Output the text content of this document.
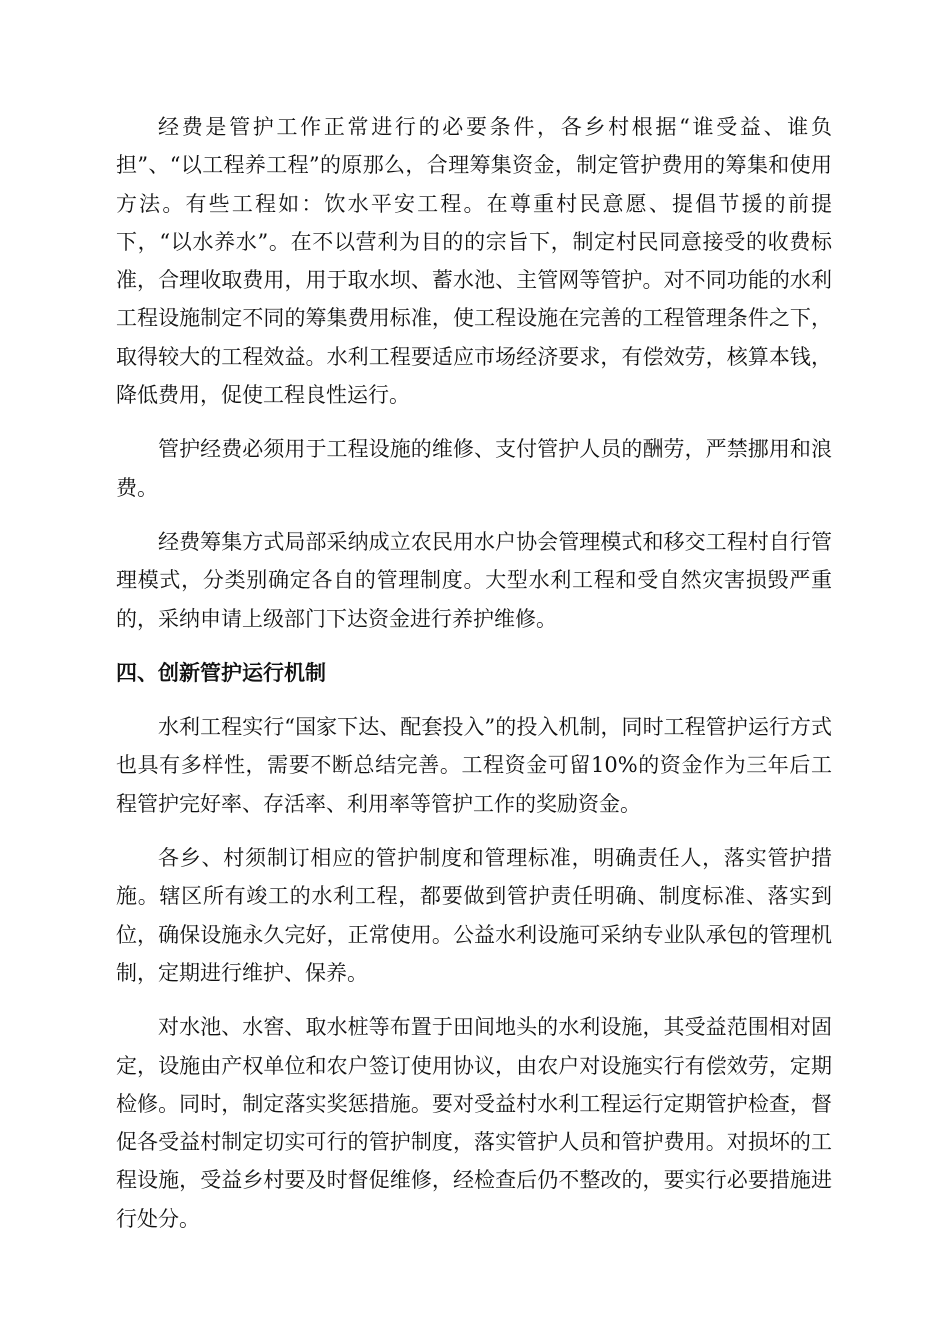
经费是管护工作正常进行的必要条件，各乡村根据“谁受益、谁负担”、“以工程养工程”的原那么，合理筹集资金，制定管护费用的筹集和使用方法。有些工程如：饮水平安工程。在尊重村民意愿、提倡节援的前提下，“以水养水”。在不以营利为目的的宗旨下，制定村民同意接受的收费标准，合理收取费用，用于取水坝、蓄水池、主管网等管护。对不同功能的水利工程设施制定不同的筹集费用标准，使工程设施在完善的工程管理条件之下，取得较大的工程效益。水利工程要适应市场经济要求，有偿效劳，核算本钱，降低费用，促使工程良性运行。

管护经费必须用于工程设施的维修、支付管护人员的酬劳，严禁挪用和浪费。

经费筹集方式局部采纳成立农民用水户协会管理模式和移交工程村自行管理模式，分类别确定各自的管理制度。大型水利工程和受自然灾害损毁严重的，采纳申请上级部门下达资金进行养护维修。

四、创新管护运行机制

水利工程实行“国家下达、配套投入”的投入机制，同时工程管护运行方式也具有多样性，需要不断总结完善。工程资金可留10%的资金作为三年后工程管护完好率、存活率、利用率等管护工作的奖励资金。

各乡、村须制订相应的管护制度和管理标准，明确责任人，落实管护措施。辖区所有竣工的水利工程，都要做到管护责任明确、制度标准、落实到位，确保设施永久完好，正常使用。公益水利设施可采纳专业队承包的管理机制，定期进行维护、保养。

对水池、水窖、取水桩等布置于田间地头的水利设施，其受益范围相对固定，设施由产权单位和农户签订使用协议，由农户对设施实行有偿效劳，定期检修。同时，制定落实奖惩措施。要对受益村水利工程运行定期管护检查，督促各受益村制定切实可行的管护制度，落实管护人员和管护费用。对损坏的工程设施，受益乡村要及时督促维修，经检查后仍不整改的，要实行必要措施进行处分。
